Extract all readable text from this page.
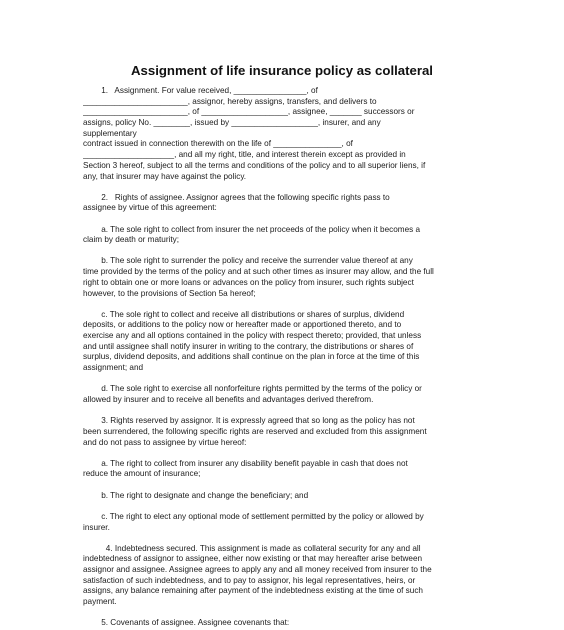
Assignment of life insurance policy as collateral
1.   Assignment. For value received, ________________, of
_______________________, assignor, hereby assigns, transfers, and delivers to
_______________________, of ___________________, assignee, _______ successors or
assigns, policy No. ________, issued by ___________________, insurer, and any
supplementary
contract issued in connection therewith on the life of _______________, of
____________________, and all my right, title, and interest therein except as provided in
Section 3 hereof, subject to all the terms and conditions of the policy and to all superior liens, if
any, that insurer may have against the policy.
2.   Rights of assignee. Assignor agrees that the following specific rights pass to
assignee by virtue of this agreement:
a. The sole right to collect from insurer the net proceeds of the policy when it becomes a
claim by death or maturity;
b. The sole right to surrender the policy and receive the surrender value thereof at any
time provided by the terms of the policy and at such other times as insurer may allow, and the full
right to obtain one or more loans or advances on the policy from insurer, such rights subject
however, to the provisions of Section 5a hereof;
c. The sole right to collect and receive all distributions or shares of surplus, dividend
deposits, or additions to the policy now or hereafter made or apportioned thereto, and to
exercise any and all options contained in the policy with respect thereto; provided, that unless
and until assignee shall notify insurer in writing to the contrary, the distributions or shares of
surplus, dividend deposits, and additions shall continue on the plan in force at the time of this
assignment; and
d. The sole right to exercise all nonforfeiture rights permitted by the terms of the policy or
allowed by insurer and to receive all benefits and advantages derived therefrom.
3. Rights reserved by assignor. It is expressly agreed that so long as the policy has not
been surrendered, the following specific rights are reserved and excluded from this assignment
and do not pass to assignee by virtue hereof:
a. The right to collect from insurer any disability benefit payable in cash that does not
reduce the amount of insurance;
b. The right to designate and change the beneficiary; and
c. The right to elect any optional mode of settlement permitted by the policy or allowed by
insurer.
4. Indebtedness secured. This assignment is made as collateral security for any and all
indebtedness of assignor to assignee, either now existing or that may hereafter arise between
assignor and assignee. Assignee agrees to apply any and all money received from insurer to the
satisfaction of such indebtedness, and to pay to assignor, his legal representatives, heirs, or
assigns, any balance remaining after payment of the indebtedness existing at the time of such
payment.
5. Covenants of assignee. Assignee covenants that:
